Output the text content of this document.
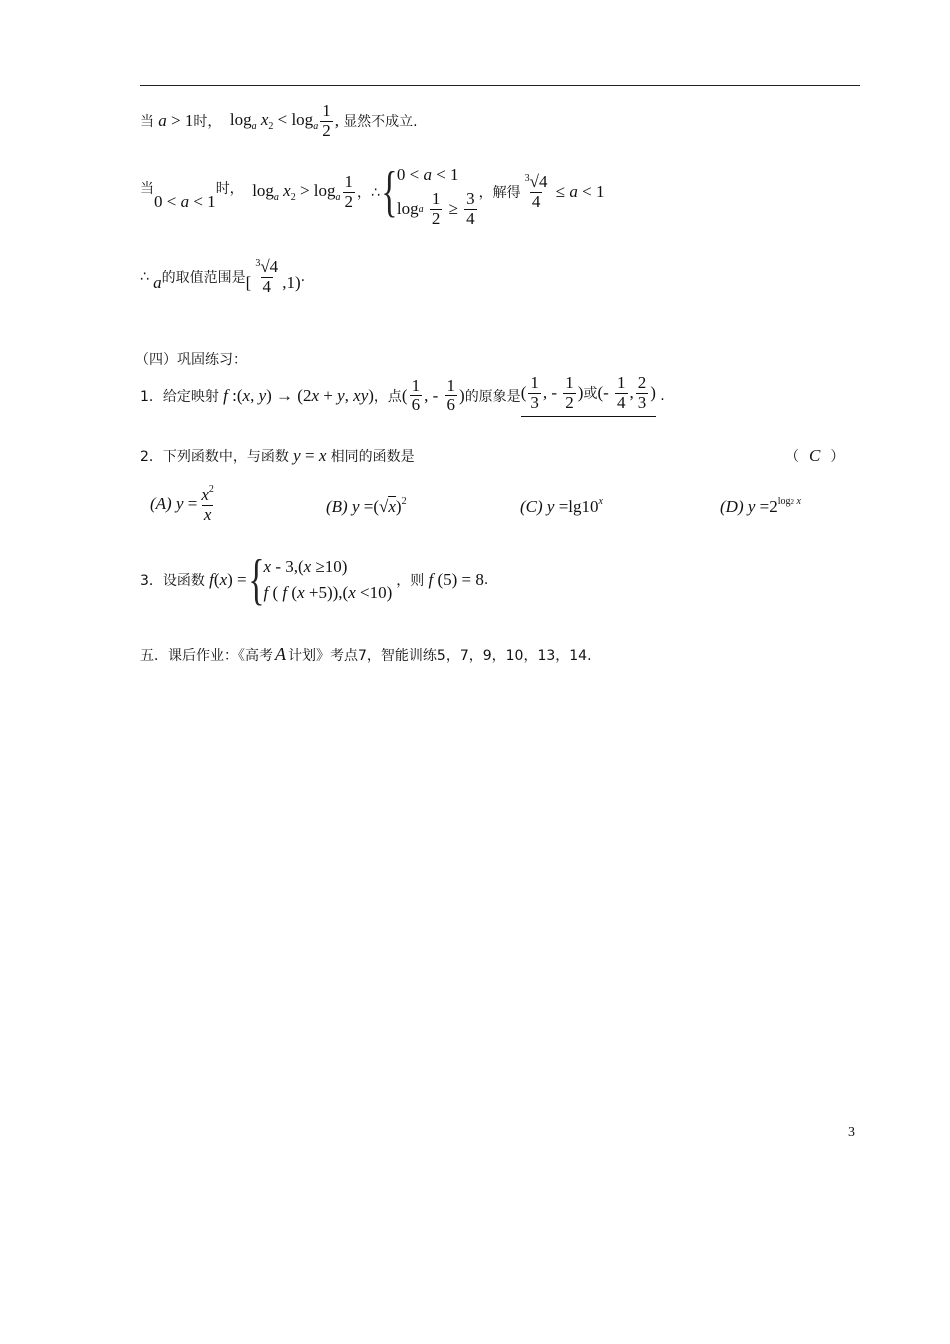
当 a > 1 时， $\log_a x_2 < \log_a \frac{1}{2}$ , 显然不成立.
当
0 < a < 1
时， $\log_a x_2 > \log_a \frac{1}{2}$ ，∴ { 0 < a < 1
log a
$\frac{1}{2} \ge \frac{3}{4}$ ，解得 $\frac{^3√4}{4} \le a < 1$
∴ a 的取值范围是 [ $\frac{^3√4}{4} ,1$) .
（四）巩固练习：
1．给定映射 f :(x, y) → (2x + y, xy) ，点 ( $\frac{1}{6}$ , - $\frac{1}{6}$ ) 的原象是 ( $\frac{1}{3}$ , - $\frac{1}{2}$ ) 或 (- $\frac{1}{4}$ , $\frac{2}{3}$ )
.
2．下列函数中，与函数 y = x 相同的函数是	（ C ）
(A) $y = \frac{x^2}{x}$	(B) $y =(√x)^2$	(C) $y =\lg 10^x$	(D) $y =2^{log2 x}$
3．设函数 f(x) = { x - 3,( x ≥10)
f ( f ( x +5)),( x <10)
，则 f (5) = 8 .
五．课后作业：《高考 A 计划》考点7，智能训练5，7，9，10，13，14.
3
